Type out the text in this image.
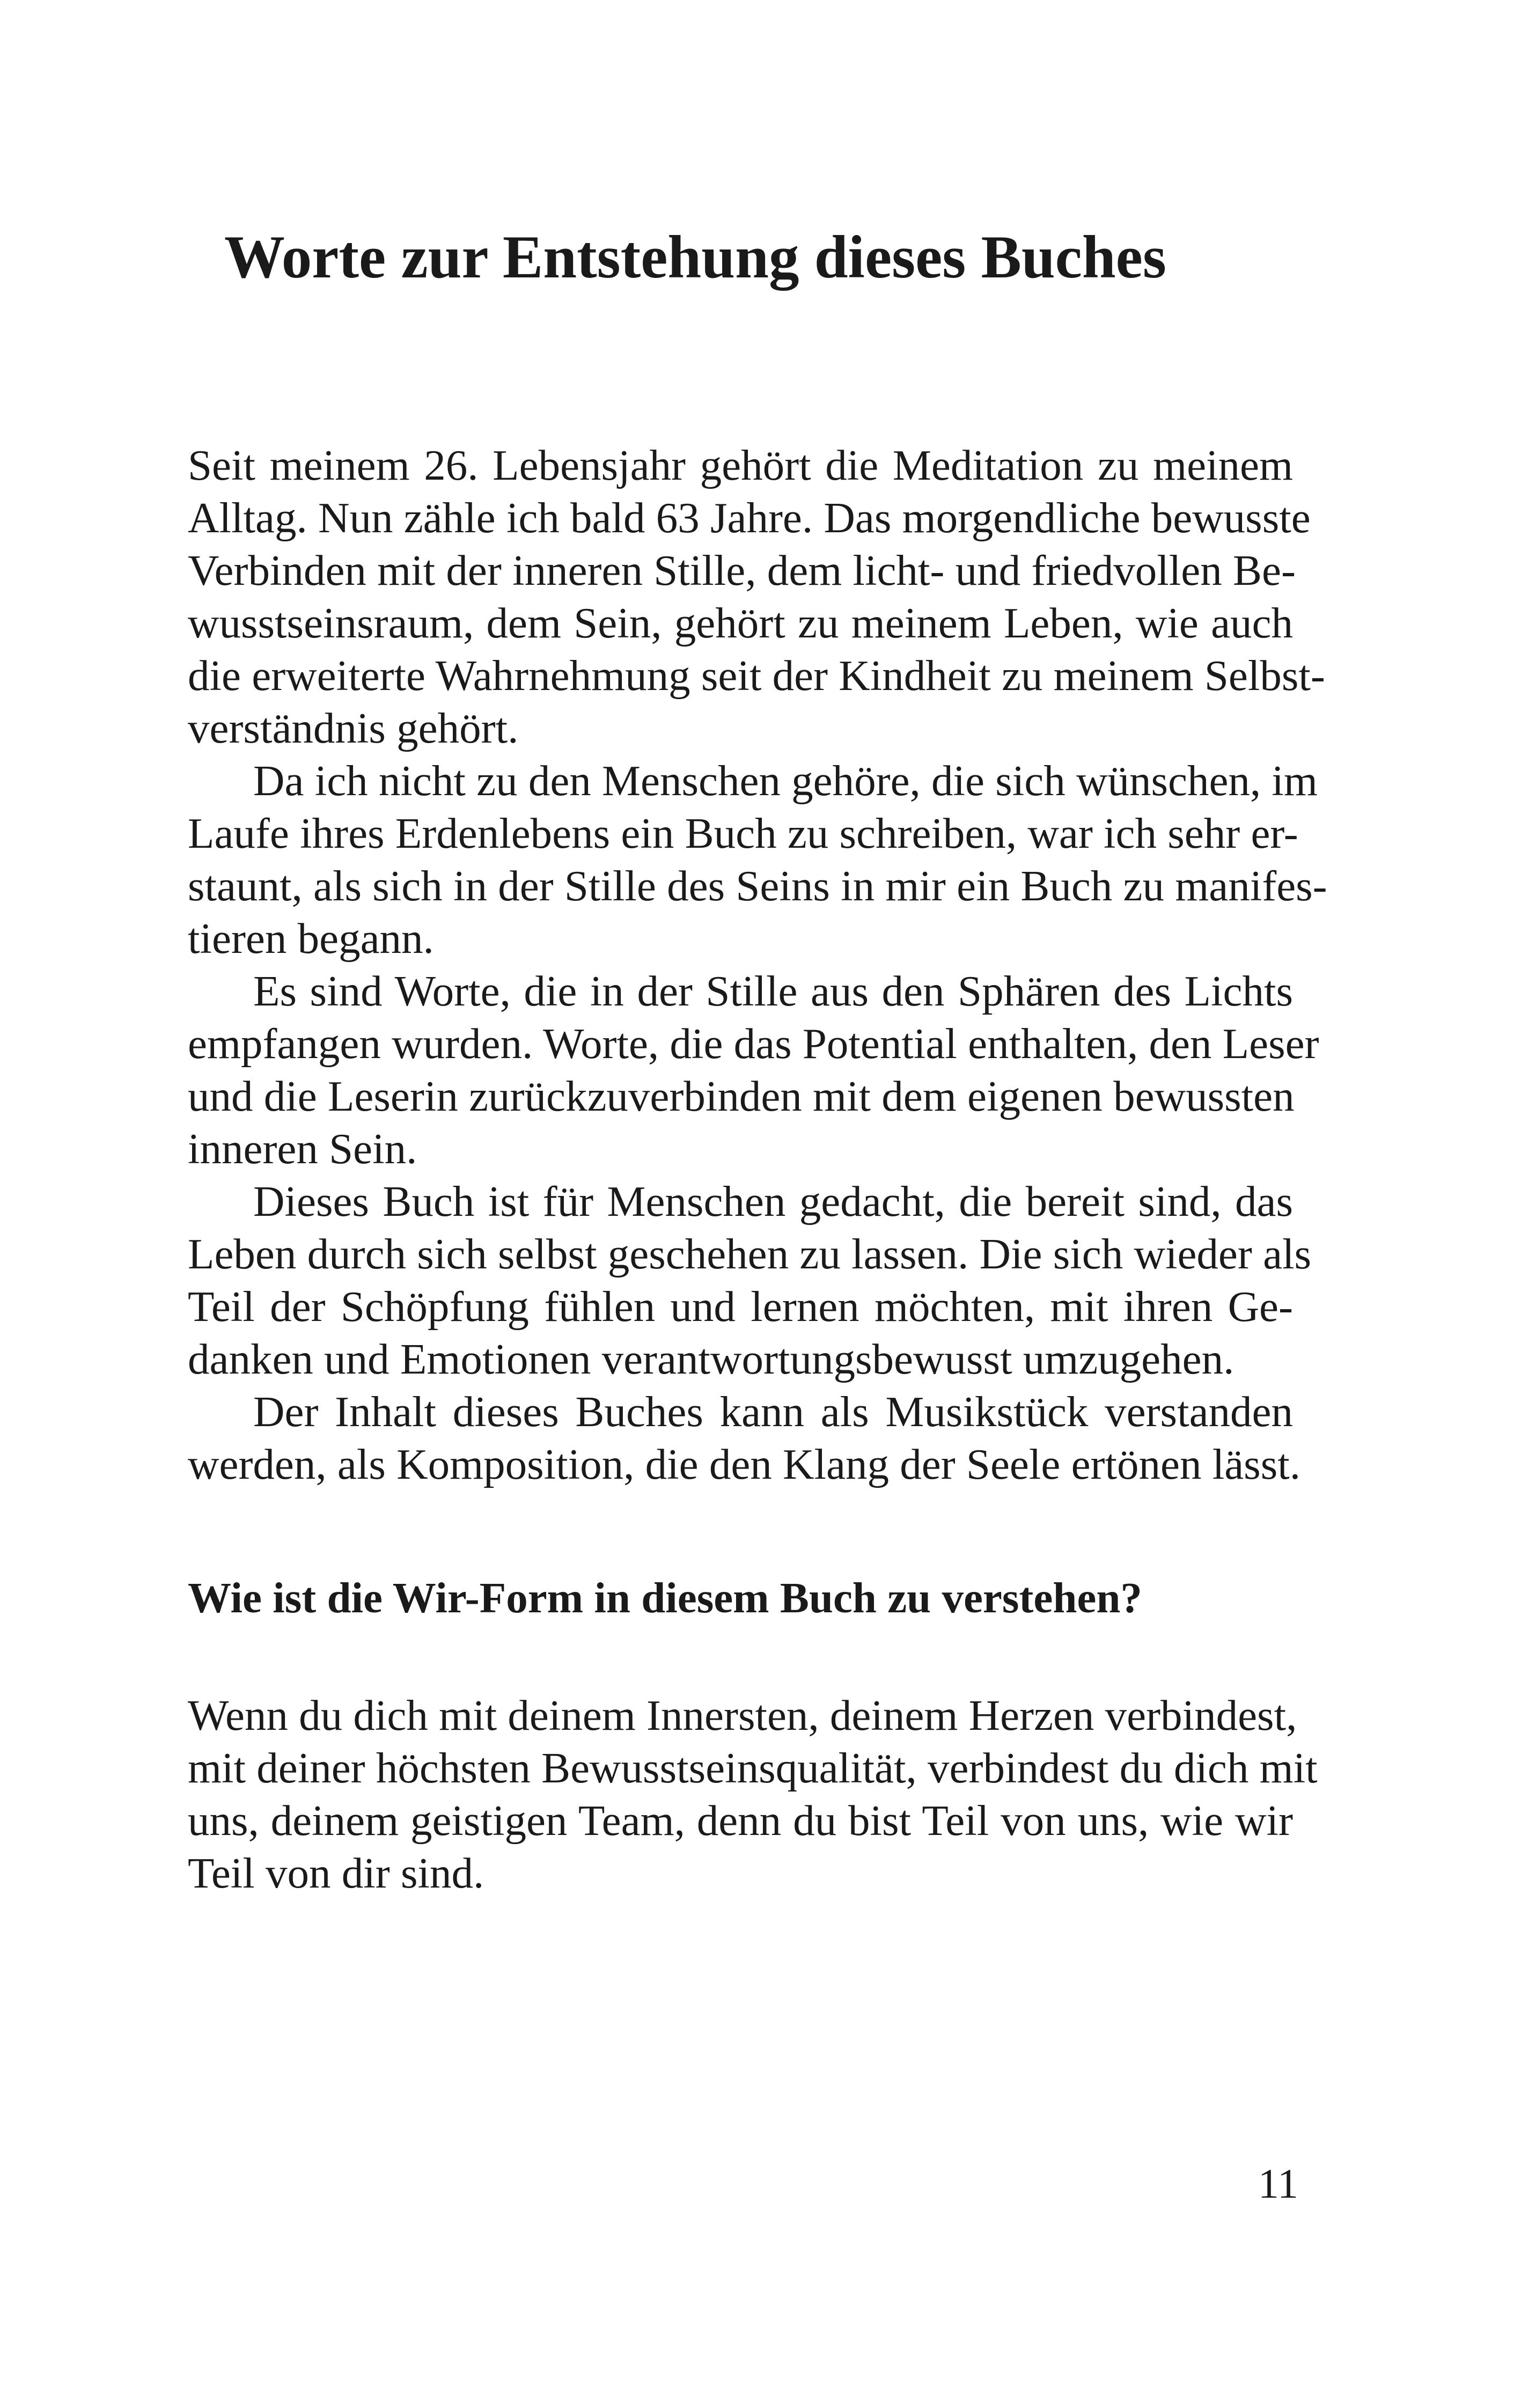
Worte zur Entstehung dieses Buches
Seit meinem 26. Lebensjahr gehört die Meditation zu meinem
Alltag. Nun zähle ich bald 63 Jahre. Das morgendliche bewusste
Verbinden mit der inneren Stille, dem licht- und friedvollen Be-
wusstseinsraum, dem Sein, gehört zu meinem Leben, wie auch
die erweiterte Wahrnehmung seit der Kindheit zu meinem Selbst-
verständnis gehört.
Da ich nicht zu den Menschen gehöre, die sich wünschen, im
Laufe ihres Erdenlebens ein Buch zu schreiben, war ich sehr er-
staunt, als sich in der Stille des Seins in mir ein Buch zu manifes-
tieren begann.
Es sind Worte, die in der Stille aus den Sphären des Lichts
empfangen wurden. Worte, die das Potential enthalten, den Leser
und die Leserin zurückzuverbinden mit dem eigenen bewussten
inneren Sein.
Dieses Buch ist für Menschen gedacht, die bereit sind, das
Leben durch sich selbst geschehen zu lassen. Die sich wieder als
Teil der Schöpfung fühlen und lernen möchten, mit ihren Ge-
danken und Emotionen verantwortungsbewusst umzugehen.
Der Inhalt dieses Buches kann als Musikstück verstanden
werden, als Komposition, die den Klang der Seele ertönen lässt.
Wie ist die Wir-Form in diesem Buch zu verstehen?
Wenn du dich mit deinem Innersten, deinem Herzen verbindest,
mit deiner höchsten Bewusstseinsqualität, verbindest du dich mit
uns, deinem geistigen Team, denn du bist Teil von uns, wie wir
Teil von dir sind.
11
